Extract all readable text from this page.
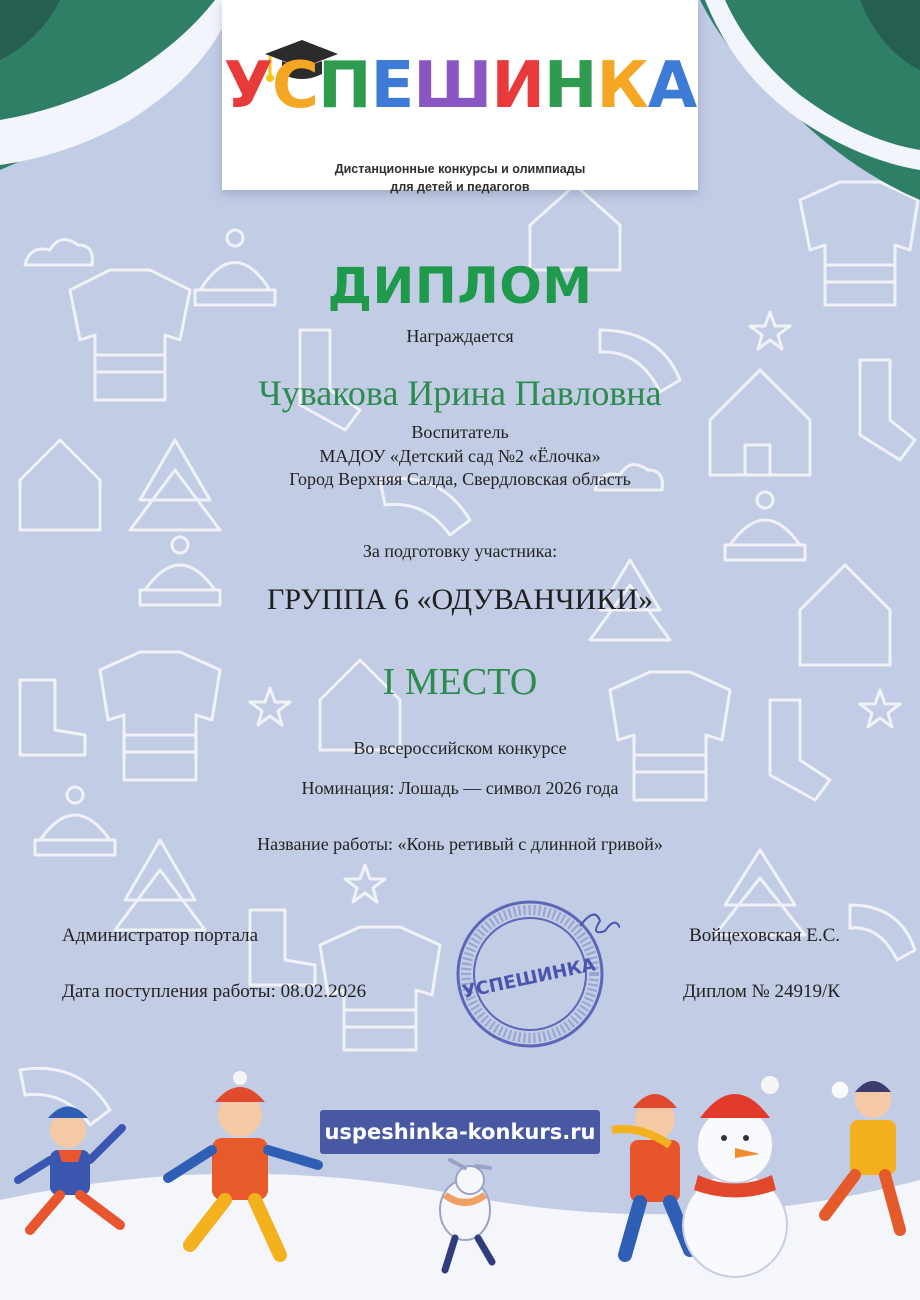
УСПЕШИНКА
Дистанционные конкурсы и олимпиады
для детей и педагогов
ДИПЛОМ
Награждается
Чувакова Ирина Павловна
Воспитатель
МАДОУ «Детский сад №2 «Ёлочка»
Город Верхняя Салда, Свердловская область
За подготовку участника:
ГРУППА 6 «ОДУВАНЧИКИ»
I МЕСТО
Во всероссийском конкурсе
Номинация: Лошадь — символ 2026 года
Название работы: «Конь ретивый с длинной гривой»
Администратор портала	Войцеховская Е.С.
Дата поступления работы: 08.02.2026	Диплом № 24919/К
УСПЕШИНКА
uspeshinka-konkurs.ru
